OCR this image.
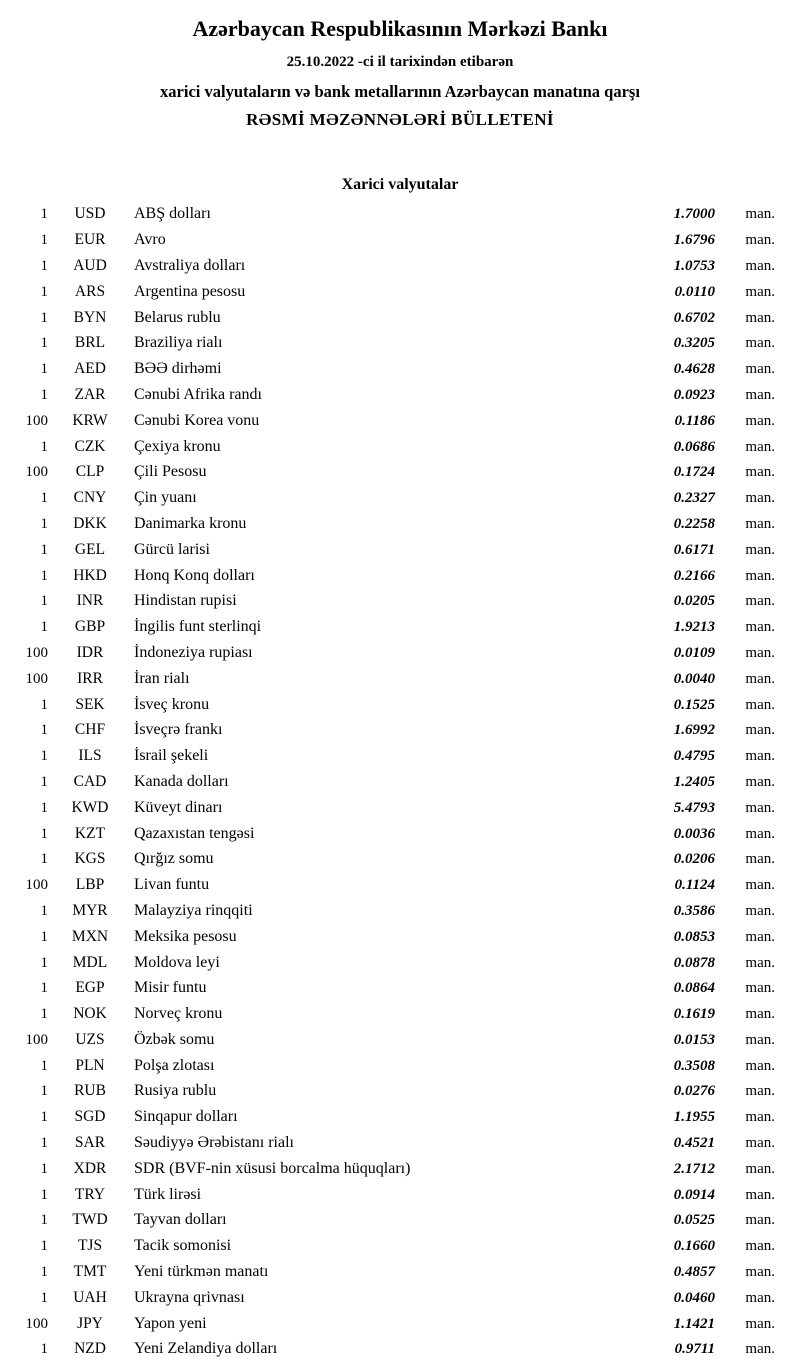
Azərbaycan Respublikasının Mərkəzi Bankı
25.10.2022 -ci il tarixindən etibarən
xarici valyutaların və bank metallarının Azərbaycan manatına qarşı
RƏSMİ MƏZƏNNƏLƏRİ BÜLLETENİ
Xarici valyutalar
1	USD	ABŞ dolları	1.7000	man.
1	EUR	Avro	1.6796	man.
1	AUD	Avstraliya dolları	1.0753	man.
1	ARS	Argentina pesosu	0.0110	man.
1	BYN	Belarus rublu	0.6702	man.
1	BRL	Braziliya rialı	0.3205	man.
1	AED	BƏƏ dirhəmi	0.4628	man.
1	ZAR	Cənubi Afrika randı	0.0923	man.
100	KRW	Cənubi Korea vonu	0.1186	man.
1	CZK	Çexiya kronu	0.0686	man.
100	CLP	Çili Pesosu	0.1724	man.
1	CNY	Çin yuanı	0.2327	man.
1	DKK	Danimarka kronu	0.2258	man.
1	GEL	Gürcü larisi	0.6171	man.
1	HKD	Honq Konq dolları	0.2166	man.
1	INR	Hindistan rupisi	0.0205	man.
1	GBP	İngilis funt sterlinqi	1.9213	man.
100	IDR	İndoneziya rupiası	0.0109	man.
100	IRR	İran rialı	0.0040	man.
1	SEK	İsveç kronu	0.1525	man.
1	CHF	İsveçrə frankı	1.6992	man.
1	ILS	İsrail şekeli	0.4795	man.
1	CAD	Kanada dolları	1.2405	man.
1	KWD	Küveyt dinarı	5.4793	man.
1	KZT	Qazaxıstan tengəsi	0.0036	man.
1	KGS	Qırğız somu	0.0206	man.
100	LBP	Livan funtu	0.1124	man.
1	MYR	Malayziya rinqqiti	0.3586	man.
1	MXN	Meksika pesosu	0.0853	man.
1	MDL	Moldova leyi	0.0878	man.
1	EGP	Misir funtu	0.0864	man.
1	NOK	Norveç kronu	0.1619	man.
100	UZS	Özbək somu	0.0153	man.
1	PLN	Polşa zlotası	0.3508	man.
1	RUB	Rusiya rublu	0.0276	man.
1	SGD	Sinqapur dolları	1.1955	man.
1	SAR	Səudiyyə Ərəbistanı rialı	0.4521	man.
1	XDR	SDR (BVF-nin xüsusi borcalma hüquqları)	2.1712	man.
1	TRY	Türk lirəsi	0.0914	man.
1	TWD	Tayvan dolları	0.0525	man.
1	TJS	Tacik somonisi	0.1660	man.
1	TMT	Yeni türkmən manatı	0.4857	man.
1	UAH	Ukrayna qrivnası	0.0460	man.
100	JPY	Yapon yeni	1.1421	man.
1	NZD	Yeni Zelandiya dolları	0.9711	man.
